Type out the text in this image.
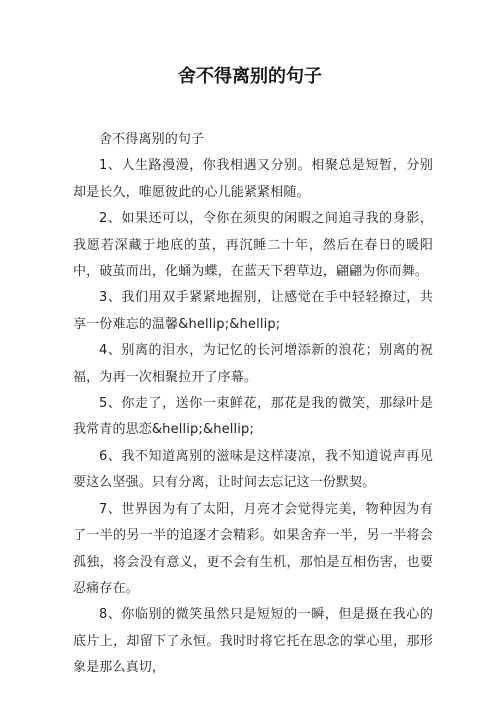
舍不得离别的句子

舍不得离别的句子

1、人生路漫漫，你我相遇又分别。相聚总是短暂，分别却是长久，唯愿彼此的心儿能紧紧相随。

2、如果还可以，令你在须臾的闲暇之间追寻我的身影，我愿若深藏于地底的茧，再沉睡二十年，然后在春日的暖阳中，破茧而出，化蛹为蝶，在蓝天下碧草边，翩翩为你而舞。

3、我们用双手紧紧地握别，让感觉在手中轻轻撩过，共享一份难忘的温馨&hellip;&hellip;

4、别离的泪水，为记忆的长河增添新的浪花；别离的祝福，为再一次相聚拉开了序幕。

5、你走了，送你一束鲜花，那花是我的微笑，那绿叶是我常青的思恋&hellip;&hellip;

6、我不知道离别的滋味是这样凄凉，我不知道说声再见要这么坚强。只有分离，让时间去忘记这一份默契。

7、世界因为有了太阳，月亮才会觉得完美，物种因为有了一半的另一半的追逐才会精彩。如果舍弃一半，另一半将会孤独，将会没有意义，更不会有生机，那怕是互相伤害，也要忍痛存在。

8、你临别的微笑虽然只是短短的一瞬，但是摄在我心的底片上，却留下了永恒。我时时将它托在思念的掌心里，那形象是那么真切，
